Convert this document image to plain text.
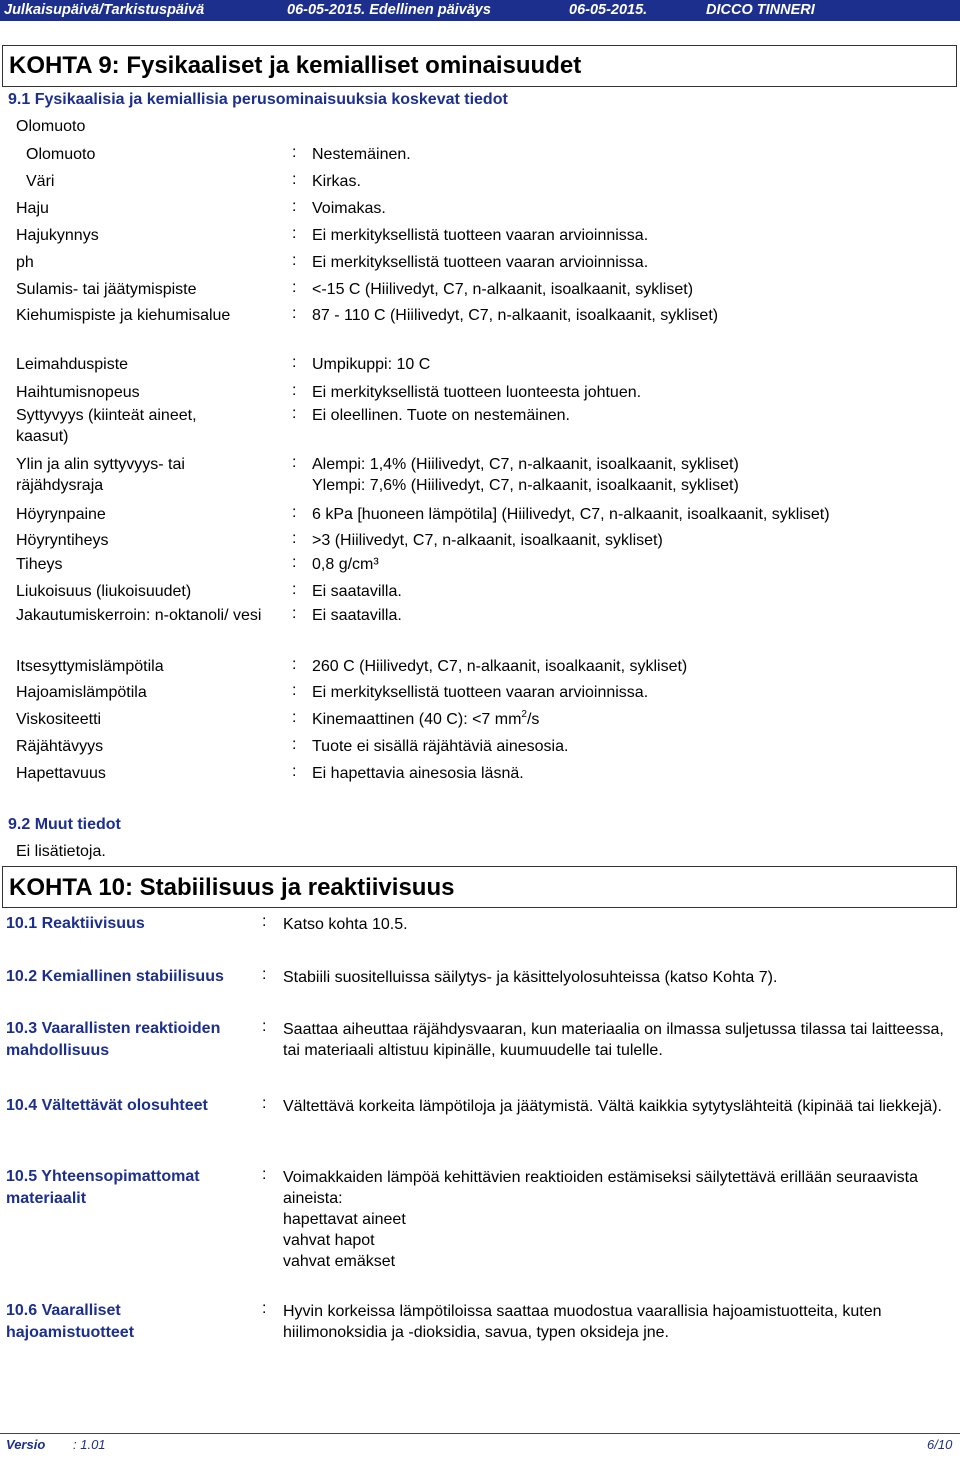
Julkaisupäivä/Tarkistuspäivä	06-05-2015. Edellinen päiväys	06-05-2015.	DICCO TINNERI
KOHTA 9: Fysikaaliset ja kemialliset ominaisuudet
9.1 Fysikaalisia ja kemiallisia perusominaisuuksia koskevat tiedot
Olomuoto
Olomuoto	: Nestemäinen.
Väri	: Kirkas.
Haju	: Voimakas.
Hajukynnys	: Ei merkityksellistä tuotteen vaaran arvioinnissa.
ph	: Ei merkityksellistä tuotteen vaaran arvioinnissa.
Sulamis- tai jäätymispiste	: <-15 C (Hiilivedyt, C7, n-alkaanit, isoalkaanit, sykliset)
Kiehumispiste ja kiehumisalue	: 87 - 110 C (Hiilivedyt, C7, n-alkaanit, isoalkaanit, sykliset)
Leimahduspiste	: Umpikuppi: 10 C
Haihtumisnopeus	: Ei merkityksellistä tuotteen luonteesta johtuen.
Syttyvyys (kiinteät aineet, kaasut)
: Ei oleellinen. Tuote on nestemäinen.
Ylin ja alin syttyvyys- tai räjähdysraja
: Alempi: 1,4% (Hiilivedyt, C7, n-alkaanit, isoalkaanit, sykliset)
Ylempi: 7,6% (Hiilivedyt, C7, n-alkaanit, isoalkaanit, sykliset)
Höyrynpaine	: 6 kPa [huoneen lämpötila] (Hiilivedyt, C7, n-alkaanit, isoalkaanit, sykliset)
Höyryntiheys	: >3 (Hiilivedyt, C7, n-alkaanit, isoalkaanit, sykliset)
Tiheys	: 0,8 g/cm³
Liukoisuus (liukoisuudet)	: Ei saatavilla.
Jakautumiskerroin: n-oktanoli/ vesi	: Ei saatavilla.
Itsesyttymislämpötila	: 260 C (Hiilivedyt, C7, n-alkaanit, isoalkaanit, sykliset)
Hajoamislämpötila	: Ei merkityksellistä tuotteen vaaran arvioinnissa.
Viskositeetti	: Kinemaattinen (40 C): <7 $mm^2/s$
Räjähtävyys	: Tuote ei sisällä räjähtäviä ainesosia.
Hapettavuus	: Ei hapettavia ainesosia läsnä.
9.2 Muut tiedot
Ei lisätietoja.
KOHTA 10: Stabiilisuus ja reaktiivisuus
10.1 Reaktiivisuus	: Katso kohta 10.5.
10.2 Kemiallinen stabiilisuus	: Stabiili suositelluissa säilytys- ja käsittelyolosuhteissa (katso Kohta 7).
10.3 Vaarallisten reaktioiden mahdollisuus
: Saattaa aiheuttaa räjähdysvaaran, kun materiaalia on ilmassa suljetussa tilassa tai laitteessa, tai materiaali altistuu kipinälle, kuumuudelle tai tulelle.
10.4 Vältettävät olosuhteet	: Vältettävä korkeita lämpötiloja ja jäätymistä. Vältä kaikkia sytytyslähteitä (kipinää tai liekkejä).
10.5 Yhteensopimattomat materiaalit
: Voimakkaiden lämpöä kehittävien reaktioiden estämiseksi säilytettävä erillään seuraavista aineista:
hapettavat aineet
vahvat hapot
vahvat emäkset
10.6 Vaaralliset hajoamistuotteet
: Hyvin korkeissa lämpötiloissa saattaa muodostua vaarallisia hajoamistuotteita, kuten hiilimonoksidia ja -dioksidia, savua, typen oksideja jne.
Versio : 1.01	6/10
